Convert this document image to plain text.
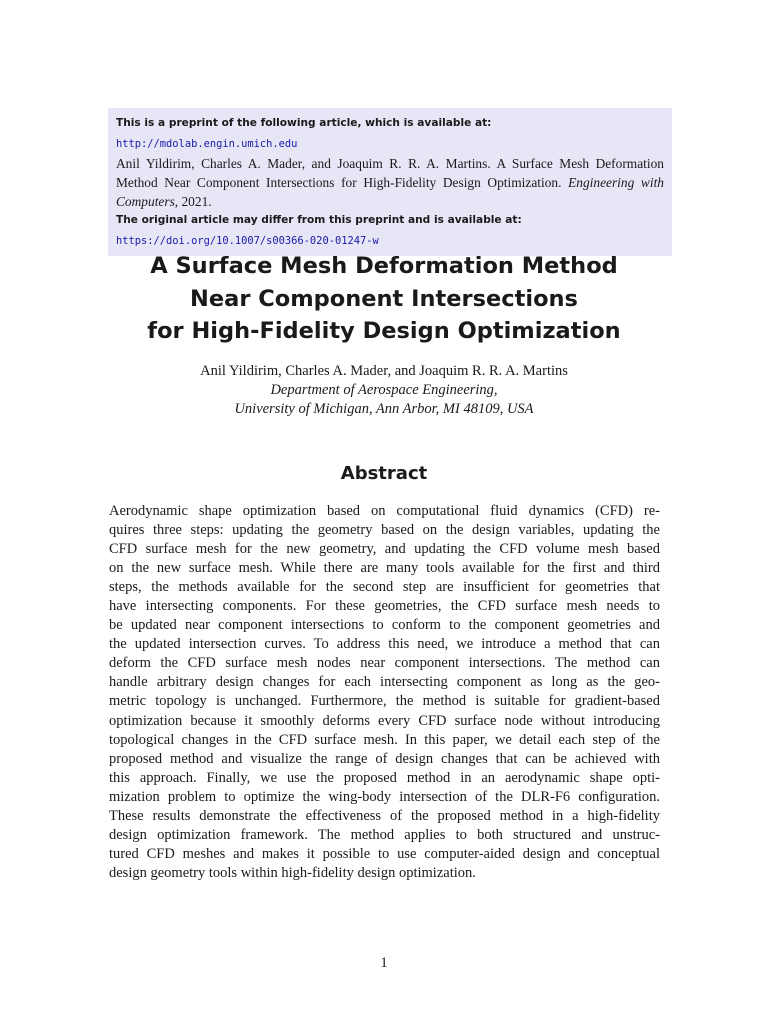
This is a preprint of the following article, which is available at: http://mdolab.engin.umich.edu
Anil Yildirim, Charles A. Mader, and Joaquim R. R. A. Martins. A Surface Mesh Deformation Method Near Component Intersections for High-Fidelity Design Optimization. Engineering with Computers, 2021.
The original article may differ from this preprint and is available at:
https://doi.org/10.1007/s00366-020-01247-w
A Surface Mesh Deformation Method
Near Component Intersections
for High-Fidelity Design Optimization
Anil Yildirim, Charles A. Mader, and Joaquim R. R. A. Martins
Department of Aerospace Engineering,
University of Michigan, Ann Arbor, MI 48109, USA
Abstract
Aerodynamic shape optimization based on computational fluid dynamics (CFD) re-
quires three steps: updating the geometry based on the design variables, updating the
CFD surface mesh for the new geometry, and updating the CFD volume mesh based
on the new surface mesh. While there are many tools available for the first and third
steps, the methods available for the second step are insufficient for geometries that
have intersecting components. For these geometries, the CFD surface mesh needs to
be updated near component intersections to conform to the component geometries and
the updated intersection curves. To address this need, we introduce a method that can
deform the CFD surface mesh nodes near component intersections. The method can
handle arbitrary design changes for each intersecting component as long as the geo-
metric topology is unchanged. Furthermore, the method is suitable for gradient-based
optimization because it smoothly deforms every CFD surface node without introducing
topological changes in the CFD surface mesh. In this paper, we detail each step of the
proposed method and visualize the range of design changes that can be achieved with
this approach. Finally, we use the proposed method in an aerodynamic shape opti-
mization problem to optimize the wing-body intersection of the DLR-F6 configuration.
These results demonstrate the effectiveness of the proposed method in a high-fidelity
design optimization framework. The method applies to both structured and unstruc-
tured CFD meshes and makes it possible to use computer-aided design and conceptual
design geometry tools within high-fidelity design optimization.
1
